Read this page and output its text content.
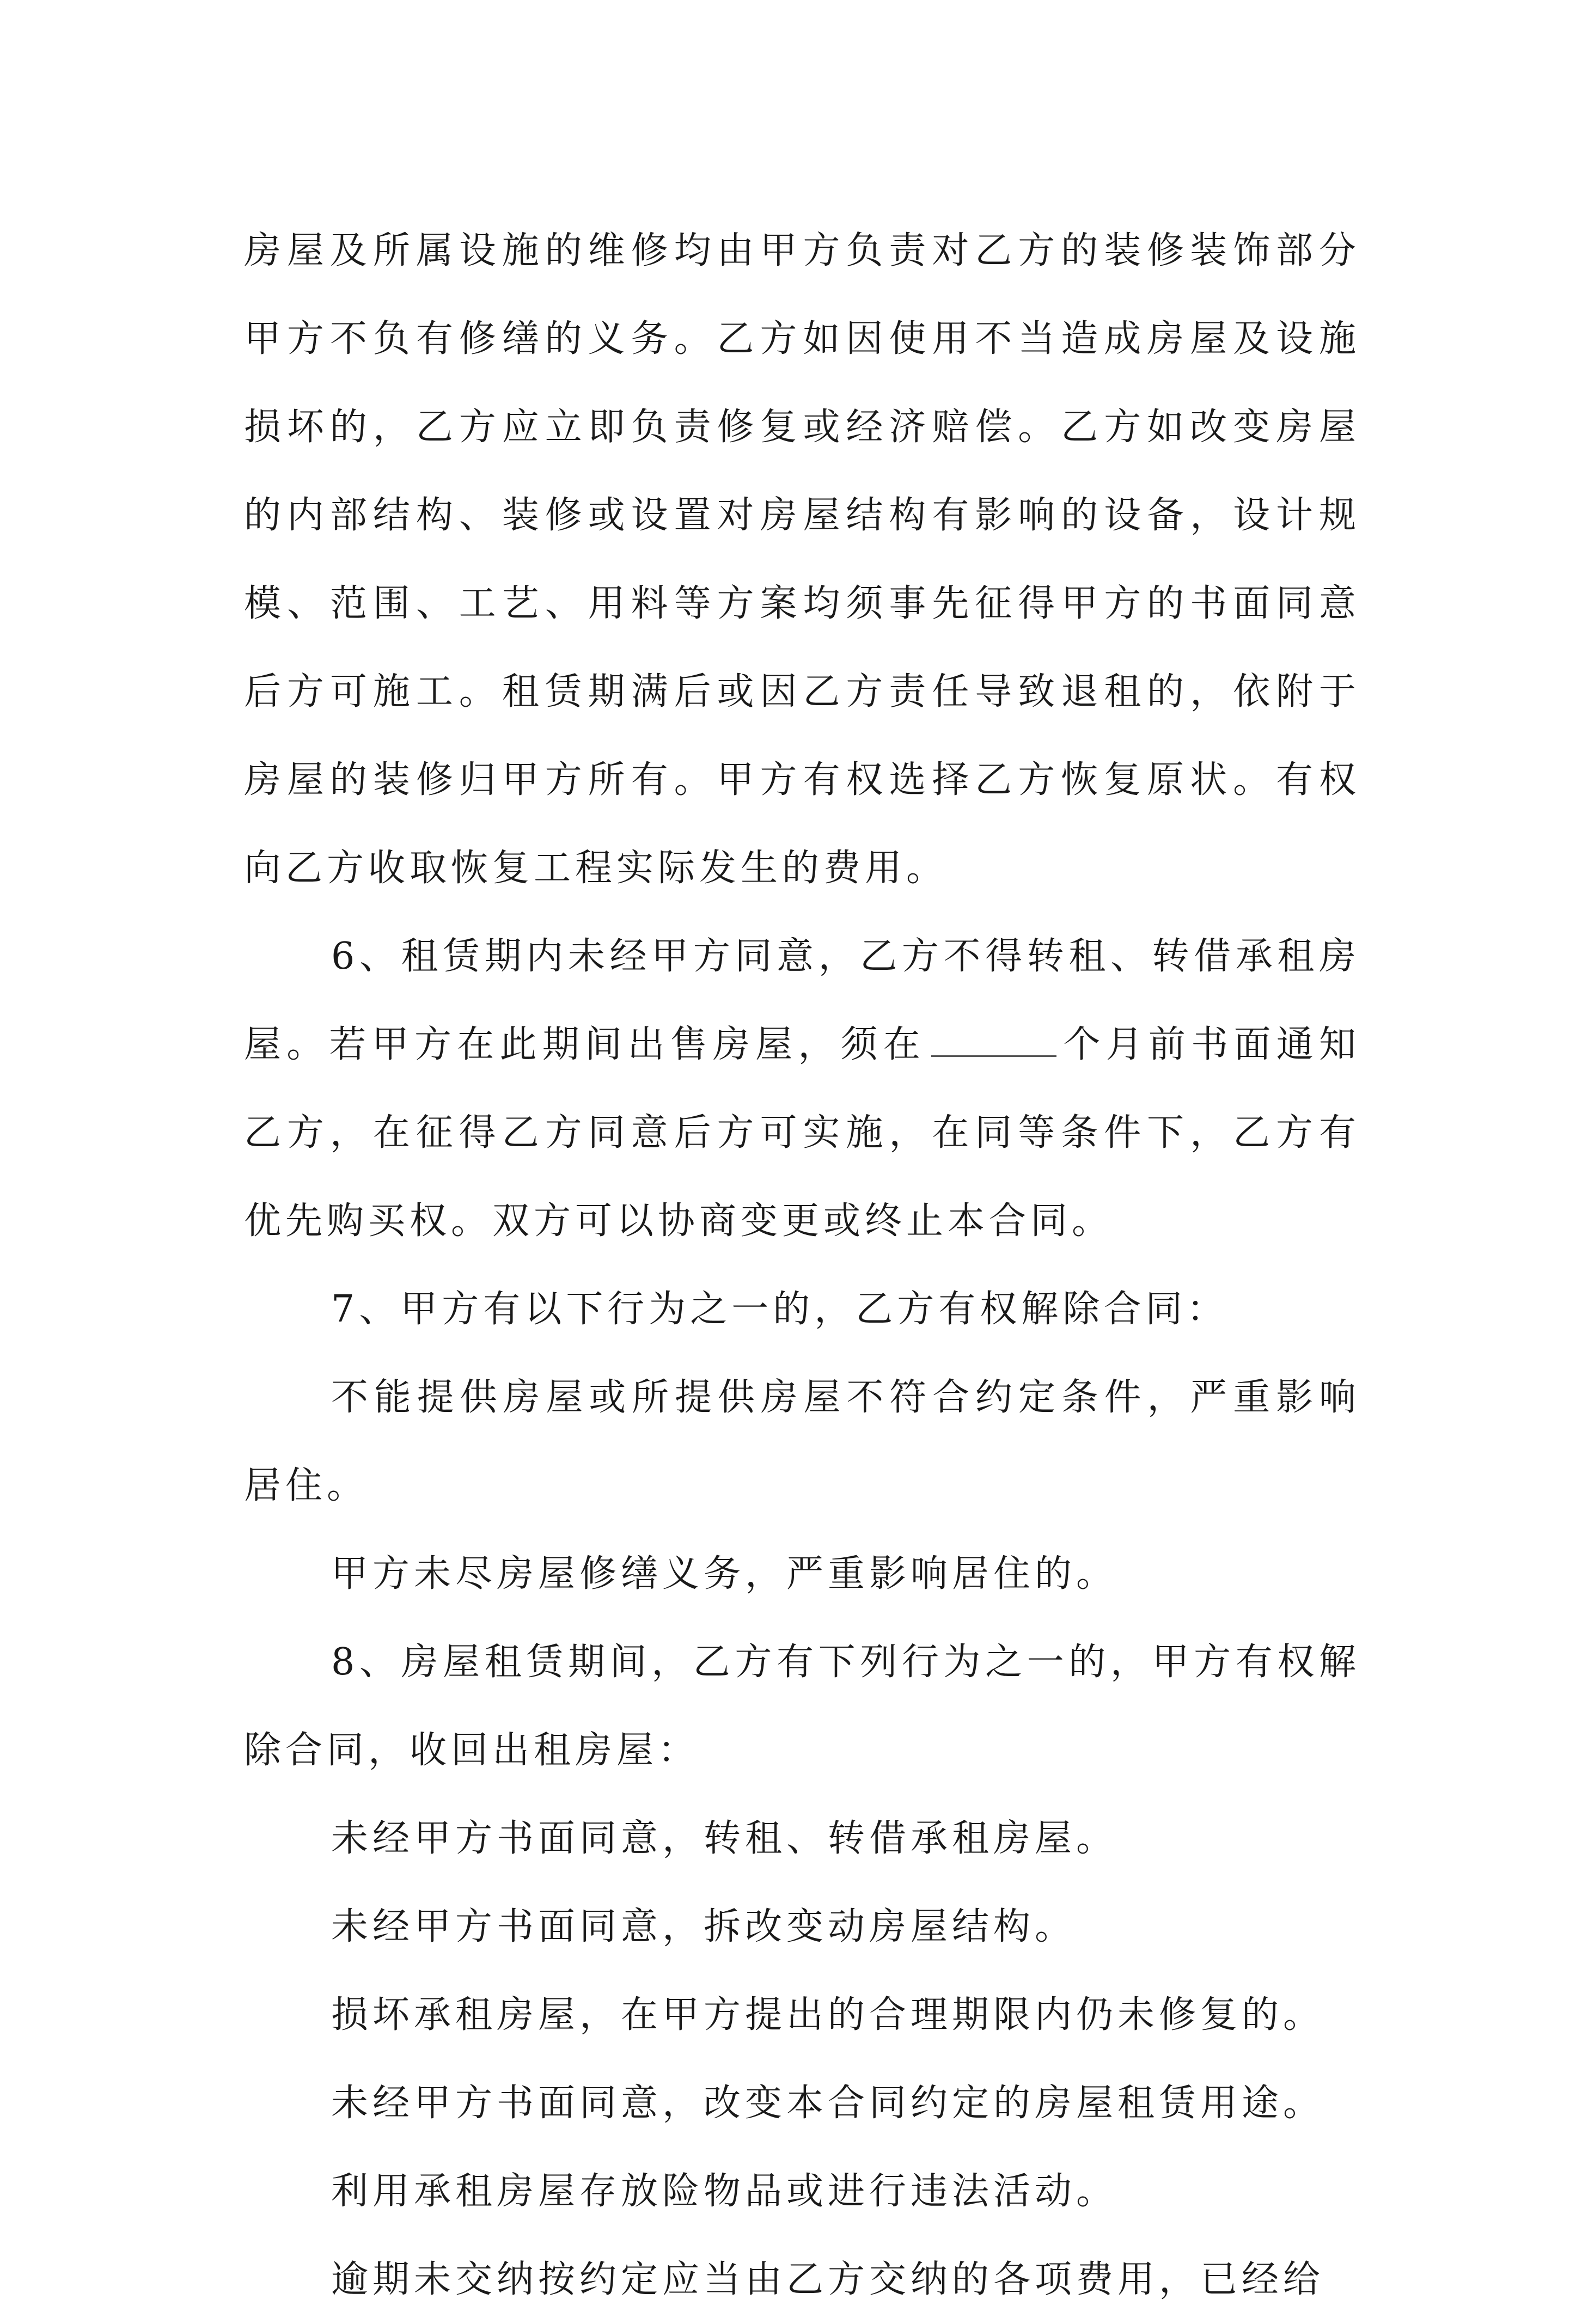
房屋及所属设施的维修均由甲方负责对乙方的装修装饰部分甲方不负有修缮的义务。乙方如因使用不当造成房屋及设施损坏的，乙方应立即负责修复或经济赔偿。乙方如改变房屋的内部结构、装修或设置对房屋结构有影响的设备，设计规模、范围、工艺、用料等方案均须事先征得甲方的书面同意后方可施工。租赁期满后或因乙方责任导致退租的，依附于房屋的装修归甲方所有。甲方有权选择乙方恢复原状。有权向乙方收取恢复工程实际发生的费用。

6、租赁期内未经甲方同意，乙方不得转租、转借承租房屋。若甲方在此期间出售房屋，须在	个月前书面通知乙方，在征得乙方同意后方可实施，在同等条件下，乙方有优先购买权。双方可以协商变更或终止本合同。

7、甲方有以下行为之一的，乙方有权解除合同：

不能提供房屋或所提供房屋不符合约定条件，严重影响居住。

甲方未尽房屋修缮义务，严重影响居住的。

8、房屋租赁期间，乙方有下列行为之一的，甲方有权解除合同，收回出租房屋：

未经甲方书面同意，转租、转借承租房屋。

未经甲方书面同意，拆改变动房屋结构。

损坏承租房屋，在甲方提出的合理期限内仍未修复的。

未经甲方书面同意，改变本合同约定的房屋租赁用途。

利用承租房屋存放险物品或进行违法活动。

逾期未交纳按约定应当由乙方交纳的各项费用，已经给
